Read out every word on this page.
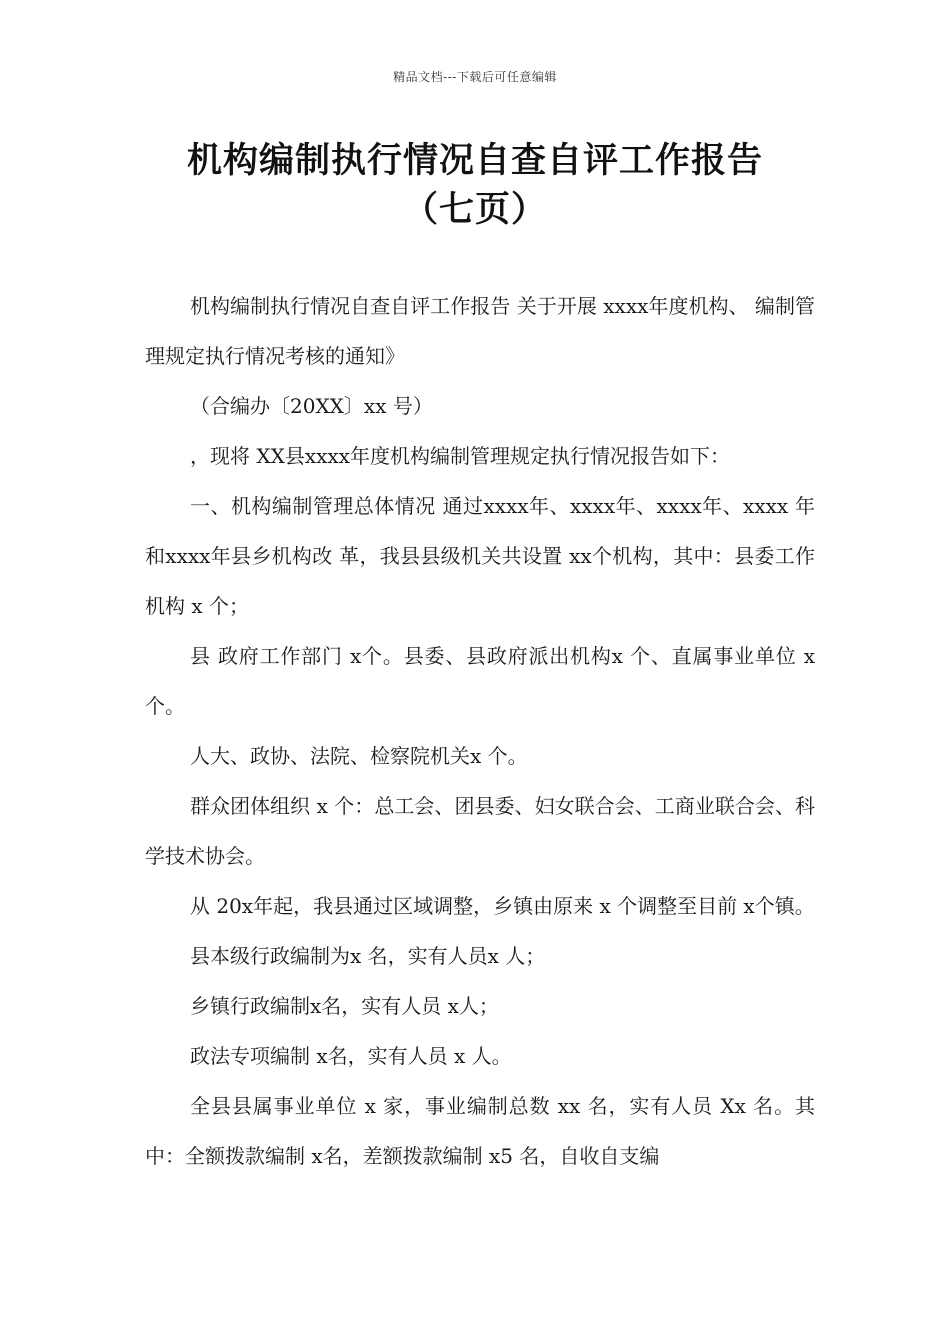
精品文档---下载后可任意编辑
机构编制执行情况自查自评工作报告
（七页）

机构编制执行情况自查自评工作报告 关于开展 xxxx年度机构、 编制管理规定执行情况考核的通知》

（合编办〔20XX〕xx 号）

，现将 XX县xxxx年度机构编制管理规定执行情况报告如下：

一、机构编制管理总体情况 通过xxxx年、xxxx年、xxxx年、xxxx 年和xxxx年县乡机构改 革，我县县级机关共设置 xx个机构，其中：县委工作机构 x 个；

县 政府工作部门 x个。县委、县政府派出机构x 个、直属事业单位 x个。

人大、政协、法院、检察院机关x 个。

群众团体组织 x 个：总工会、团县委、妇女联合会、工商业联合会、科学技术协会。

从 20x年起，我县通过区域调整，乡镇由原来 x 个调整至目前 x个镇。

县本级行政编制为x 名，实有人员x 人；

乡镇行政编制x名，实有人员 x人；

政法专项编制 x名，实有人员 x 人。

全县县属事业单位 x 家，事业编制总数 xx 名，实有人员 Xx 名。其中：全额拨款编制 x名，差额拨款编制 x5 名，自收自支编
